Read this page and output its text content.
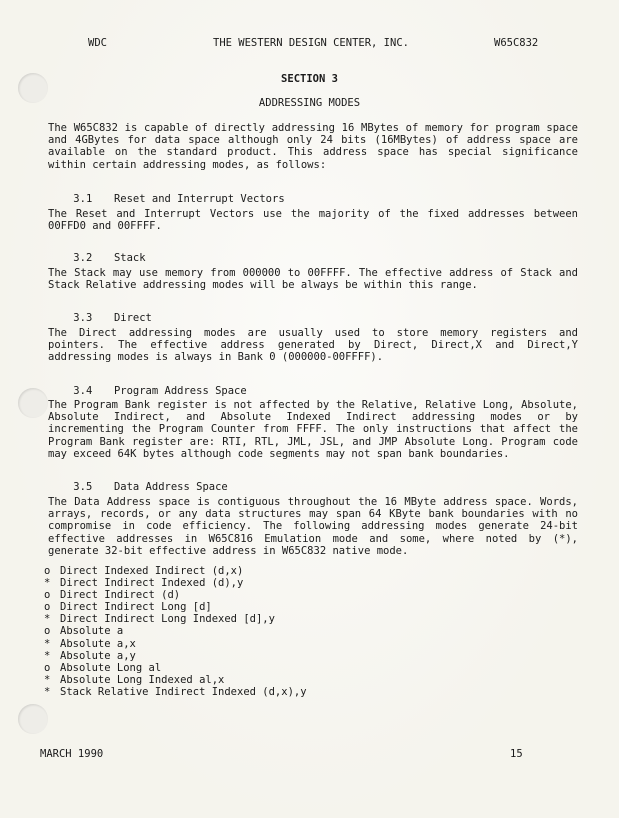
WDC	THE WESTERN DESIGN CENTER, INC.	W65C832
SECTION 3
ADDRESSING MODES
The W65C832 is capable of directly addressing 16 MBytes of memory for program space and 4GBytes for data space although only 24 bits (16MBytes) of address space are available on the standard product. This address space has special significance within certain addressing modes, as follows:

3.1 Reset and Interrupt Vectors

The Reset and Interrupt Vectors use the majority of the fixed addresses between 00FFD0 and 00FFFF.

3.2 Stack

The Stack may use memory from 000000 to 00FFFF. The effective address of Stack and Stack Relative addressing modes will be always be within this range.

3.3 Direct

The Direct addressing modes are usually used to store memory registers and pointers. The effective address generated by Direct, Direct,X and Direct,Y addressing modes is always in Bank 0 (000000-00FFFF).

3.4 Program Address Space

The Program Bank register is not affected by the Relative, Relative Long, Absolute, Absolute Indirect, and Absolute Indexed Indirect addressing modes or by incrementing the Program Counter from FFFF. The only instructions that affect the Program Bank register are: RTI, RTL, JML, JSL, and JMP Absolute Long. Program code may exceed 64K bytes although code segments may not span bank boundaries.

3.5 Data Address Space

The Data Address space is contiguous throughout the 16 MByte address space. Words, arrays, records, or any data structures may span 64 KByte bank boundaries with no compromise in code efficiency. The following addressing modes generate 24-bit effective addresses in W65C816 Emulation mode and some, where noted by (*), generate 32-bit effective address in W65C832 native mode.
o Direct Indexed Indirect (d,x)
* Direct Indirect Indexed (d),y
o Direct Indirect (d)
o Direct Indirect Long [d]
* Direct Indirect Long Indexed [d],y
o Absolute a
* Absolute a,x
* Absolute a,y
o Absolute Long al
* Absolute Long Indexed al,x
* Stack Relative Indirect Indexed (d,x),y
MARCH 1990	15
